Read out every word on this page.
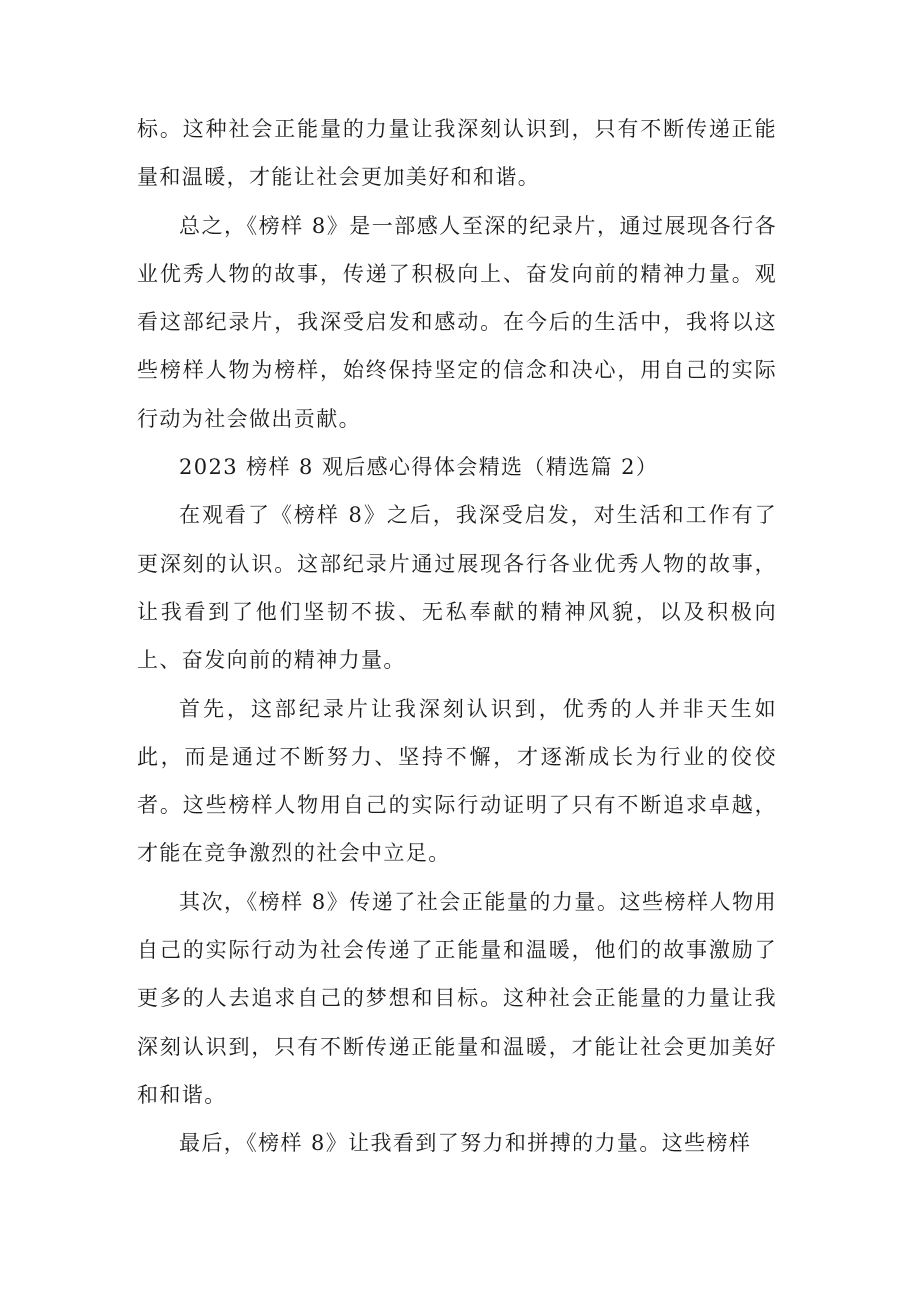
标。这种社会正能量的力量让我深刻认识到，只有不断传递正能量和温暖，才能让社会更加美好和和谐。

总之，《榜样 8》是一部感人至深的纪录片，通过展现各行各业优秀人物的故事，传递了积极向上、奋发向前的精神力量。观看这部纪录片，我深受启发和感动。在今后的生活中，我将以这些榜样人物为榜样，始终保持坚定的信念和决心，用自己的实际行动为社会做出贡献。

2023 榜样 8 观后感心得体会精选（精选篇 2）

在观看了《榜样 8》之后，我深受启发，对生活和工作有了更深刻的认识。这部纪录片通过展现各行各业优秀人物的故事，让我看到了他们坚韧不拔、无私奉献的精神风貌，以及积极向上、奋发向前的精神力量。

首先，这部纪录片让我深刻认识到，优秀的人并非天生如此，而是通过不断努力、坚持不懈，才逐渐成长为行业的佼佼者。这些榜样人物用自己的实际行动证明了只有不断追求卓越，才能在竞争激烈的社会中立足。

其次，《榜样 8》传递了社会正能量的力量。这些榜样人物用自己的实际行动为社会传递了正能量和温暖，他们的故事激励了更多的人去追求自己的梦想和目标。这种社会正能量的力量让我深刻认识到，只有不断传递正能量和温暖，才能让社会更加美好和和谐。

最后，《榜样 8》让我看到了努力和拼搏的力量。这些榜样
